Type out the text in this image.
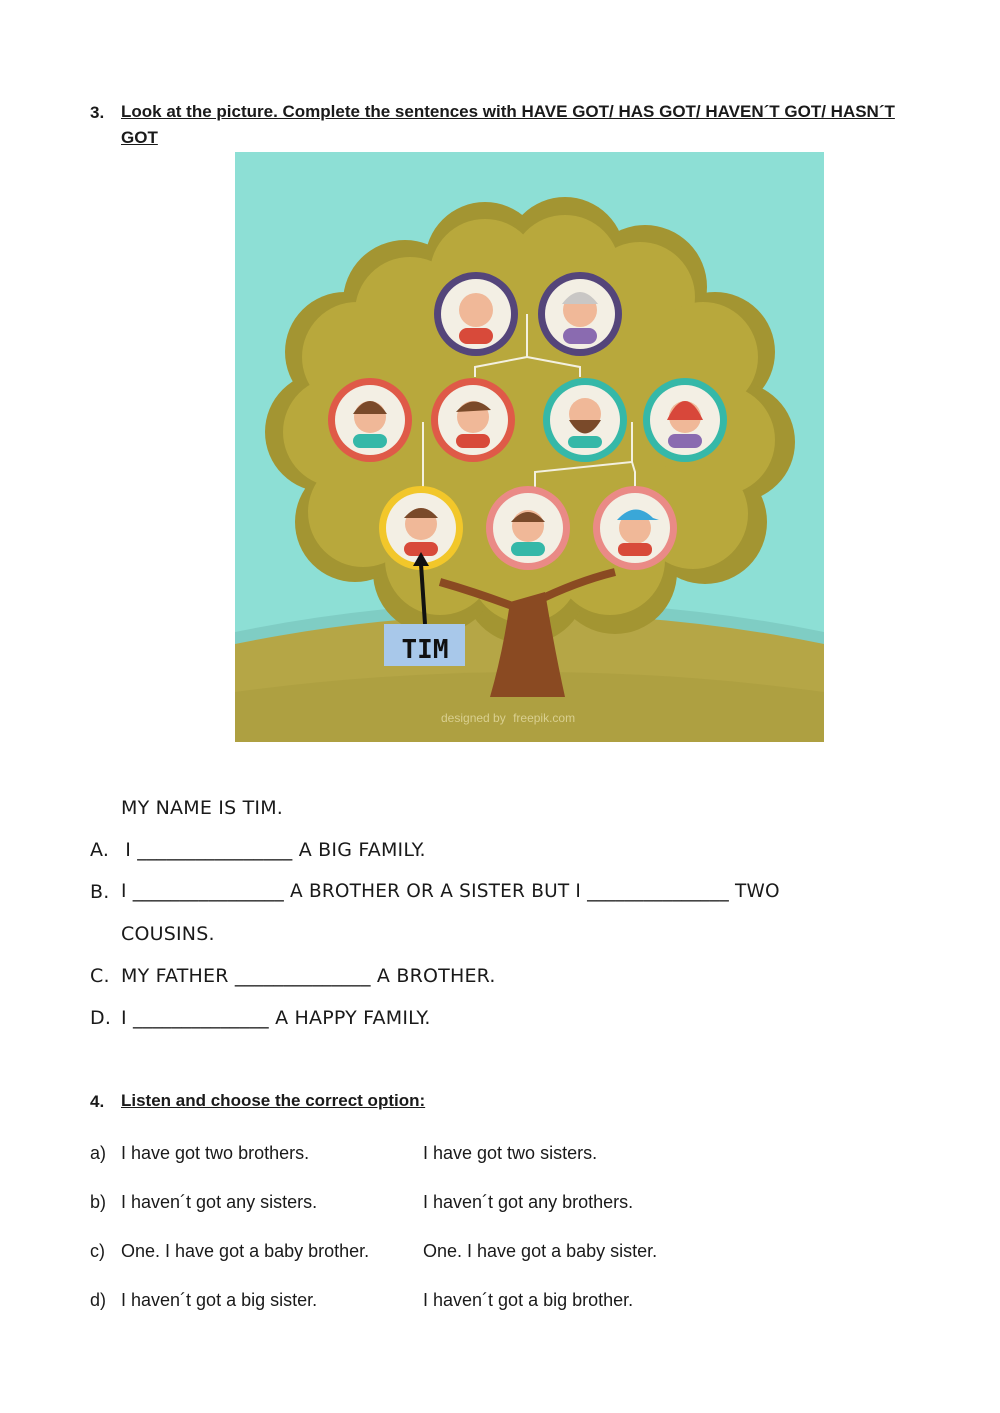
3. Look at the picture. Complete the sentences with HAVE GOT/ HAS GOT/ HAVEN´T GOT/ HASN´T
GOT
TIM
designed by freepik.com
MY NAME IS TIM.
A. I ________________ A BIG FAMILY.
B. I ________________ A BROTHER OR A SISTER BUT I _______________ TWO
COUSINS.
C. MY FATHER ______________ A BROTHER.
D. I ______________ A HAPPY FAMILY.
4. Listen and choose the correct option:
a) I have got two brothers.	I have got two sisters.
b) I haven´t got any sisters.	I haven´t got any brothers.
c) One. I have got a baby brother.	One. I have got a baby sister.
d) I haven´t got a big sister.	I haven´t got a big brother.
